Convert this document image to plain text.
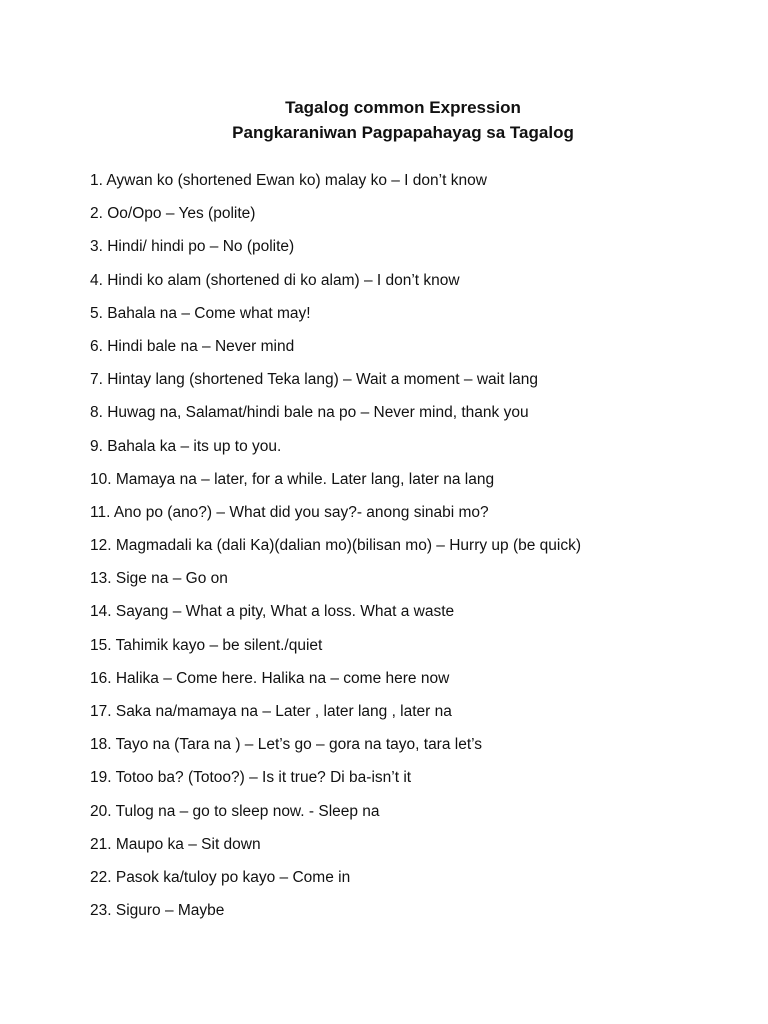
Tagalog common Expression
Pangkaraniwan Pagpapahayag sa Tagalog
1. Aywan ko (shortened Ewan ko) malay ko – I don’t know
2. Oo/Opo – Yes (polite)
3. Hindi/ hindi po – No (polite)
4. Hindi ko alam (shortened di ko alam) – I don’t know
5. Bahala na – Come what may!
6. Hindi bale na – Never mind
7. Hintay lang (shortened Teka lang) – Wait a moment – wait lang
8. Huwag na, Salamat/hindi bale na po – Never mind, thank you
9. Bahala ka – its up to you.
10. Mamaya na – later, for a while. Later lang, later na lang
11. Ano po (ano?) – What did you say?- anong sinabi mo?
12. Magmadali ka (dali Ka)(dalian mo)(bilisan mo) – Hurry up (be quick)
13. Sige na – Go on
14. Sayang – What a pity, What a loss. What a waste
15. Tahimik kayo – be silent./quiet
16. Halika – Come here. Halika na – come here now
17. Saka na/mamaya na – Later , later lang , later na
18. Tayo na (Tara na ) – Let’s go – gora na tayo, tara let’s
19. Totoo ba? (Totoo?) – Is it true? Di ba-isn’t it
20. Tulog na – go to sleep now. - Sleep na
21. Maupo ka – Sit down
22. Pasok ka/tuloy po kayo – Come in
23. Siguro – Maybe
